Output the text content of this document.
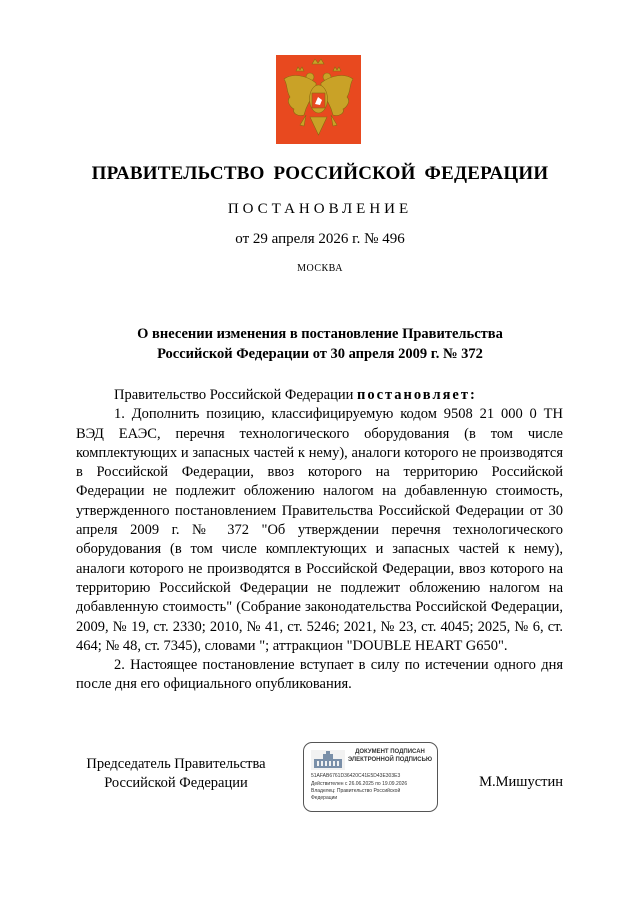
ПРАВИТЕЛЬСТВО РОССИЙСКОЙ ФЕДЕРАЦИИ
ПОСТАНОВЛЕНИЕ
от 29 апреля 2026 г. № 496
МОСКВА
О внесении изменения в постановление Правительства
Российской Федерации от 30 апреля 2009 г. № 372

Правительство Российской Федерации постановляет:

1. Дополнить позицию, классифицируемую кодом 9508 21 000 0 ТН ВЭД ЕАЭС, перечня технологического оборудования (в том числе комплектующих и запасных частей к нему), аналоги которого не производятся в Российской Федерации, ввоз которого на территорию Российской Федерации не подлежит обложению налогом на добавленную стоимость, утвержденного постановлением Правительства Российской Федерации от 30 апреля 2009 г. № 372 "Об утверждении перечня технологического оборудования (в том числе комплектующих и запасных частей к нему), аналоги которого не производятся в Российской Федерации, ввоз которого на территорию Российской Федерации не подлежит обложению налогом на добавленную стоимость" (Собрание законодательства Российской Федерации, 2009, № 19, ст. 2330; 2010, № 41, ст. 5246; 2021, № 23, ст. 4045; 2025, № 6, ст. 464; № 48, ст. 7345), словами "; аттракцион "DOUBLE HEART G650".

2. Настоящее постановление вступает в силу по истечении одного дня после дня его официального опубликования.

Председатель Правительства
Российской Федерации
ДОКУМЕНТ ПОДПИСАН
ЭЛЕКТРОННОЙ ПОДПИСЬЮ
51AFAB6761D36420C41E5D43E303E3
Действителен с 26.06.2025 по 19.09.2026
Владелец: Правительство Российской
Федерации
М.Мишустин
